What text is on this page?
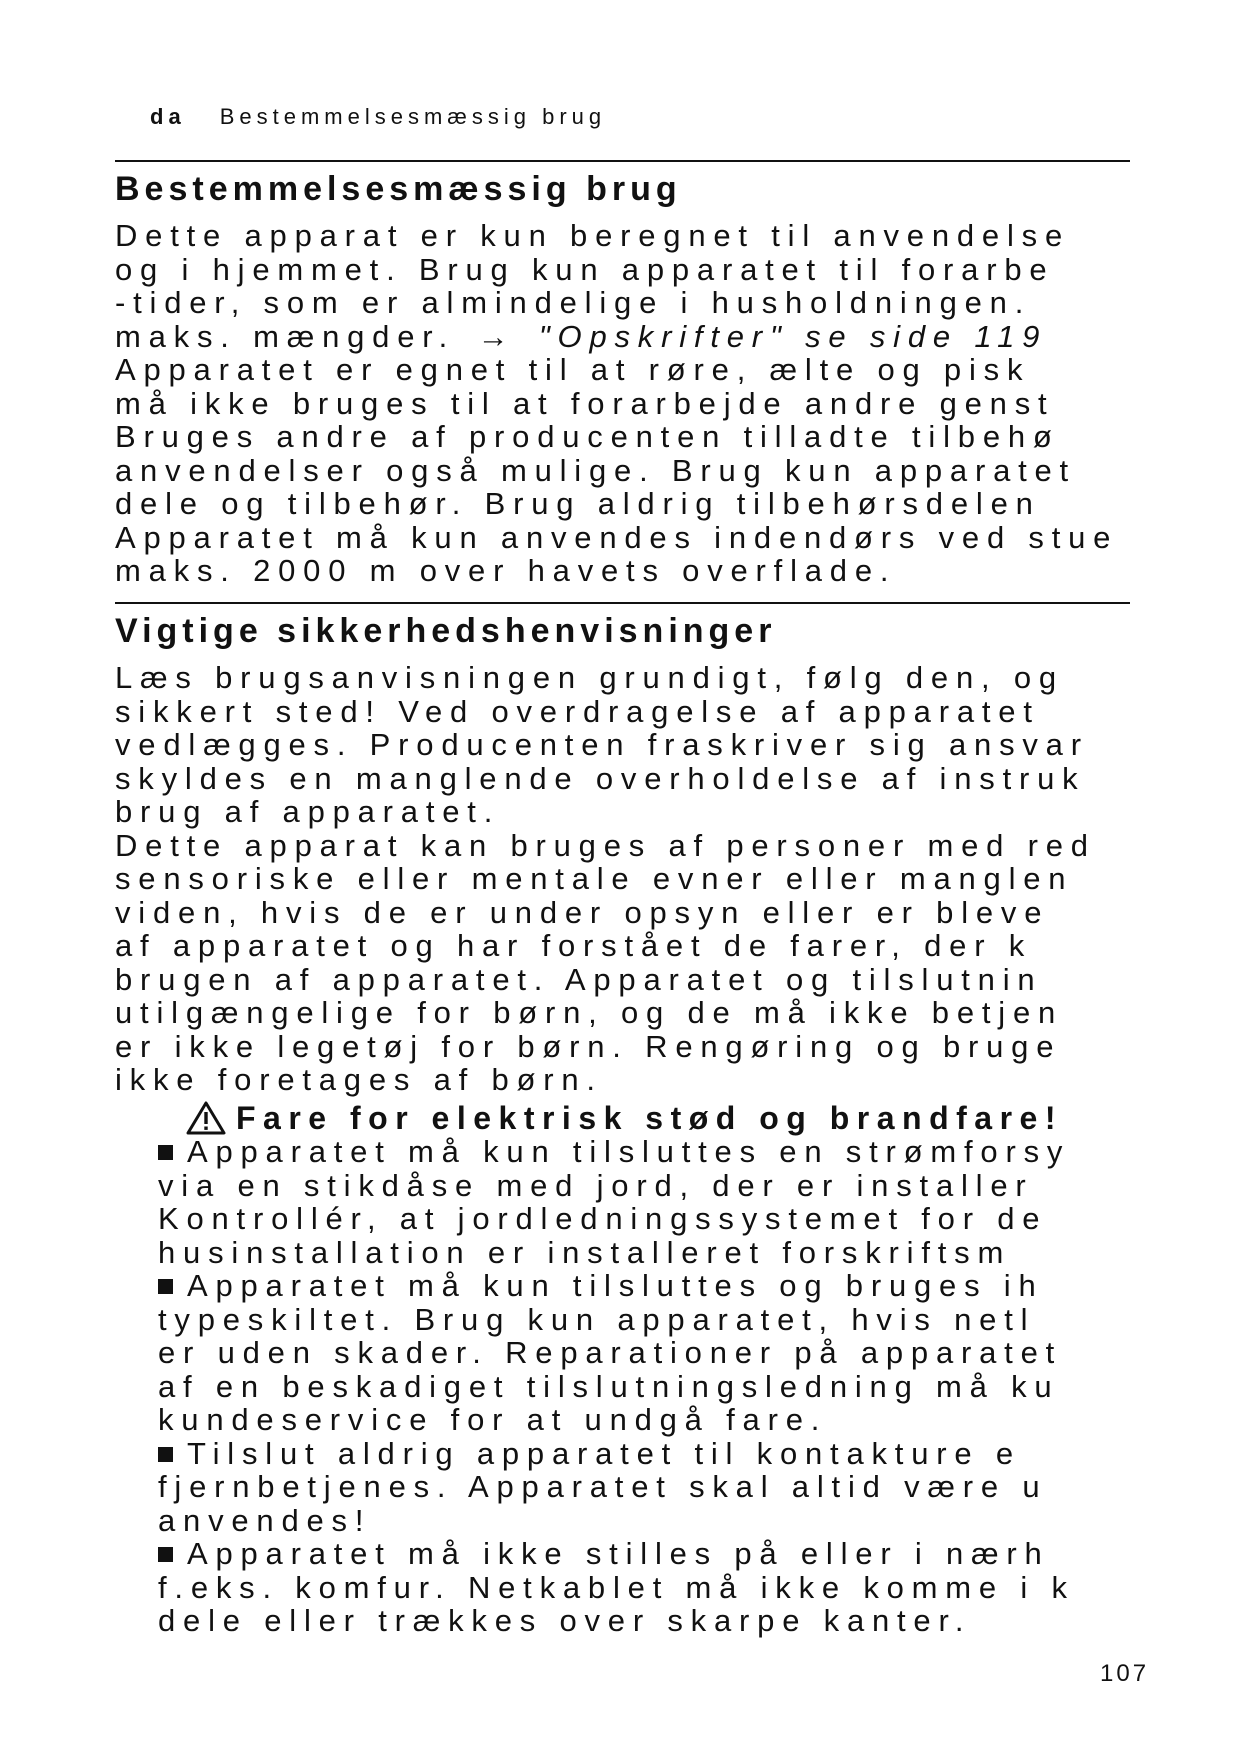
da Bestemmelsesmæssig brug
Bestemmelsesmæssig brug
Dette apparat er kun beregnet til anvendelse
og i hjemmet. Brug kun apparatet til forarbe
-tider, som er almindelige i husholdningen.
maks. mængder. → "Opskrifter" se side 119
Apparatet er egnet til at røre, ælte og pisk
må ikke bruges til at forarbejde andre genst
Bruges andre af producenten tilladte tilbehø
anvendelser også mulige. Brug kun apparatet
dele og tilbehør. Brug aldrig tilbehørsdelen
Apparatet må kun anvendes indendørs ved stue
maks. 2000 m over havets overflade.
Vigtige sikkerhedshenvisninger
Læs brugsanvisningen grundigt, følg den, og
sikkert sted! Ved overdragelse af apparatet
vedlægges. Producenten fraskriver sig ansvar
skyldes en manglende overholdelse af instruk
brug af apparatet.
Dette apparat kan bruges af personer med red
sensoriske eller mentale evner eller manglen
viden, hvis de er under opsyn eller er bleve
af apparatet og har forstået de farer, der k
brugen af apparatet. Apparatet og tilslutnin
utilgængelige for børn, og de må ikke betjen
er ikke legetøj for børn. Rengøring og bruge
ikke foretages af børn.
Fare for elektrisk stød og brandfare!
Apparatet må kun tilsluttes en strømforsy
via en stikdåse med jord, der er installer
Kontrollér, at jordledningssystemet for de
husinstallation er installeret forskriftsm
Apparatet må kun tilsluttes og bruges ih
typeskiltet. Brug kun apparatet, hvis netl
er uden skader. Reparationer på apparatet
af en beskadiget tilslutningsledning må ku
kundeservice for at undgå fare.
Tilslut aldrig apparatet til kontakture e
fjernbetjenes. Apparatet skal altid være u
anvendes!
Apparatet må ikke stilles på eller i nærh
f.eks. komfur. Netkablet må ikke komme i k
dele eller trækkes over skarpe kanter.
107
